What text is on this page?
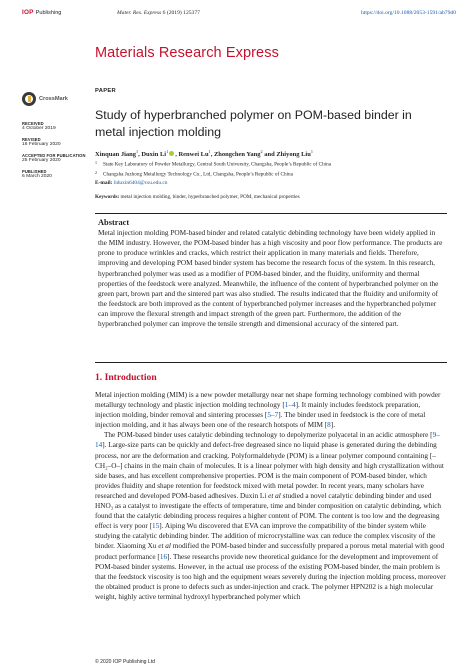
IOP Publishing	Mater. Res. Express 6 (2019) 125377	https://doi.org/10.1088/2053-1591/ab79d0
Materials Research Express
CrossMark
RECEIVED
4 October 2019
REVISED
16 February 2020
ACCEPTED FOR PUBLICATION
25 February 2020
PUBLISHED
6 March 2020
PAPER
Study of hyperbranched polymer on POM-based binder in metal injection molding
Xinquan Jiang$^1$, Duxin Li$^1$ , Renwei Lu$^1$, Zhongchen Yang$^2$ and Zhiyong Liu$^1$
1 State Key Laboratory of Powder Metallurgy, Central South University, Changsha, People’s Republic of China
2 Changsha Juzhong Metallurgy Technology Co., Ltd, Changsha, People’s Republic of China
E-mail: liduxin6404@csu.edu.cn
Keywords: metal injection molding, binder, hyperbranched polymer, POM, mechanical properties
Abstract

Metal injection molding POM-based binder and related catalytic debinding technology have been widely applied in the MIM industry. However, the POM-based binder has a high viscosity and poor flow performance. The products are prone to produce wrinkles and cracks, which restrict their application in many materials and fields. Therefore, improving and developing POM based binder system has become the research focus of the system. In this research, hyperbranched polymer was used as a modifier of POM-based binder, and the fluidity, uniformity and thermal properties of the feedstock were analyzed. Meanwhile, the influence of the content of hyperbranched polymer on the green part, brown part and the sintered part was also studied. The results indicated that the fluidity and uniformity of the feedstock are both improved as the content of hyperbranched polymer increases and the hyperbranched polymer can improve the flexural strength and impact strength of the green part. Furthermore, the addition of the hyperbranched polymer can improve the tensile strength and dimensional accuracy of the sintered part.

1. Introduction

Metal injection molding (MIM) is a new powder metallurgy near net shape forming technology combined with powder metallurgy technology and plastic injection molding technology [1–4]. It mainly includes feedstock preparation, injection molding, binder removal and sintering processes [5–7]. The binder used in feedstock is the core of metal injection molding, and it has always been one of the research hotspots of MIM [8].

The POM-based binder uses catalytic debinding technology to depolymerize polyacetal in an acidic atmosphere [9–14]. Large-size parts can be quickly and defect-free degreased since no liquid phase is generated during the debinding process, nor are the deformation and cracking. Polyformaldehyde (POM) is a linear polymer compound containing [–CH₂–O–] chains in the main chain of molecules. It is a linear polymer with high density and high crystallization without side bases, and has excellent comprehensive properties. POM is the main component of POM-based binder, which provides fluidity and shape retention for feedstock mixed with metal powder. In recent years, many scholars have researched and developed POM-based adhesives. Duxin Li et al studied a novel catalytic debinding binder and used HNO₃ as a catalyst to investigate the effects of temperature, time and binder composition on catalytic debinding, which found that the catalytic debinding process requires a higher content of POM. The content is too low and the degreasing effect is very poor [15]. Aiping Wu discovered that EVA can improve the compatibility of the binder system while studying the catalytic debinding binder. The addition of microcrystalline wax can reduce the complex viscosity of the binder. Xiaoming Xu et al modified the POM-based binder and successfully prepared a porous metal material with good product performance [16]. These researchs provide new theoretical guidance for the development and improvement of POM-based binder systems. However, in the actual use process of the existing POM-based binder, the main problem is that the feedstock viscosity is too high and the equipment wears severely during the injection molding process, moreover the obtained product is prone to defects such as under-injection and crack. The polymer HPN202 is a high molecular weight, highly active terminal hydroxyl hyperbranched polymer which

© 2020 IOP Publishing Ltd
